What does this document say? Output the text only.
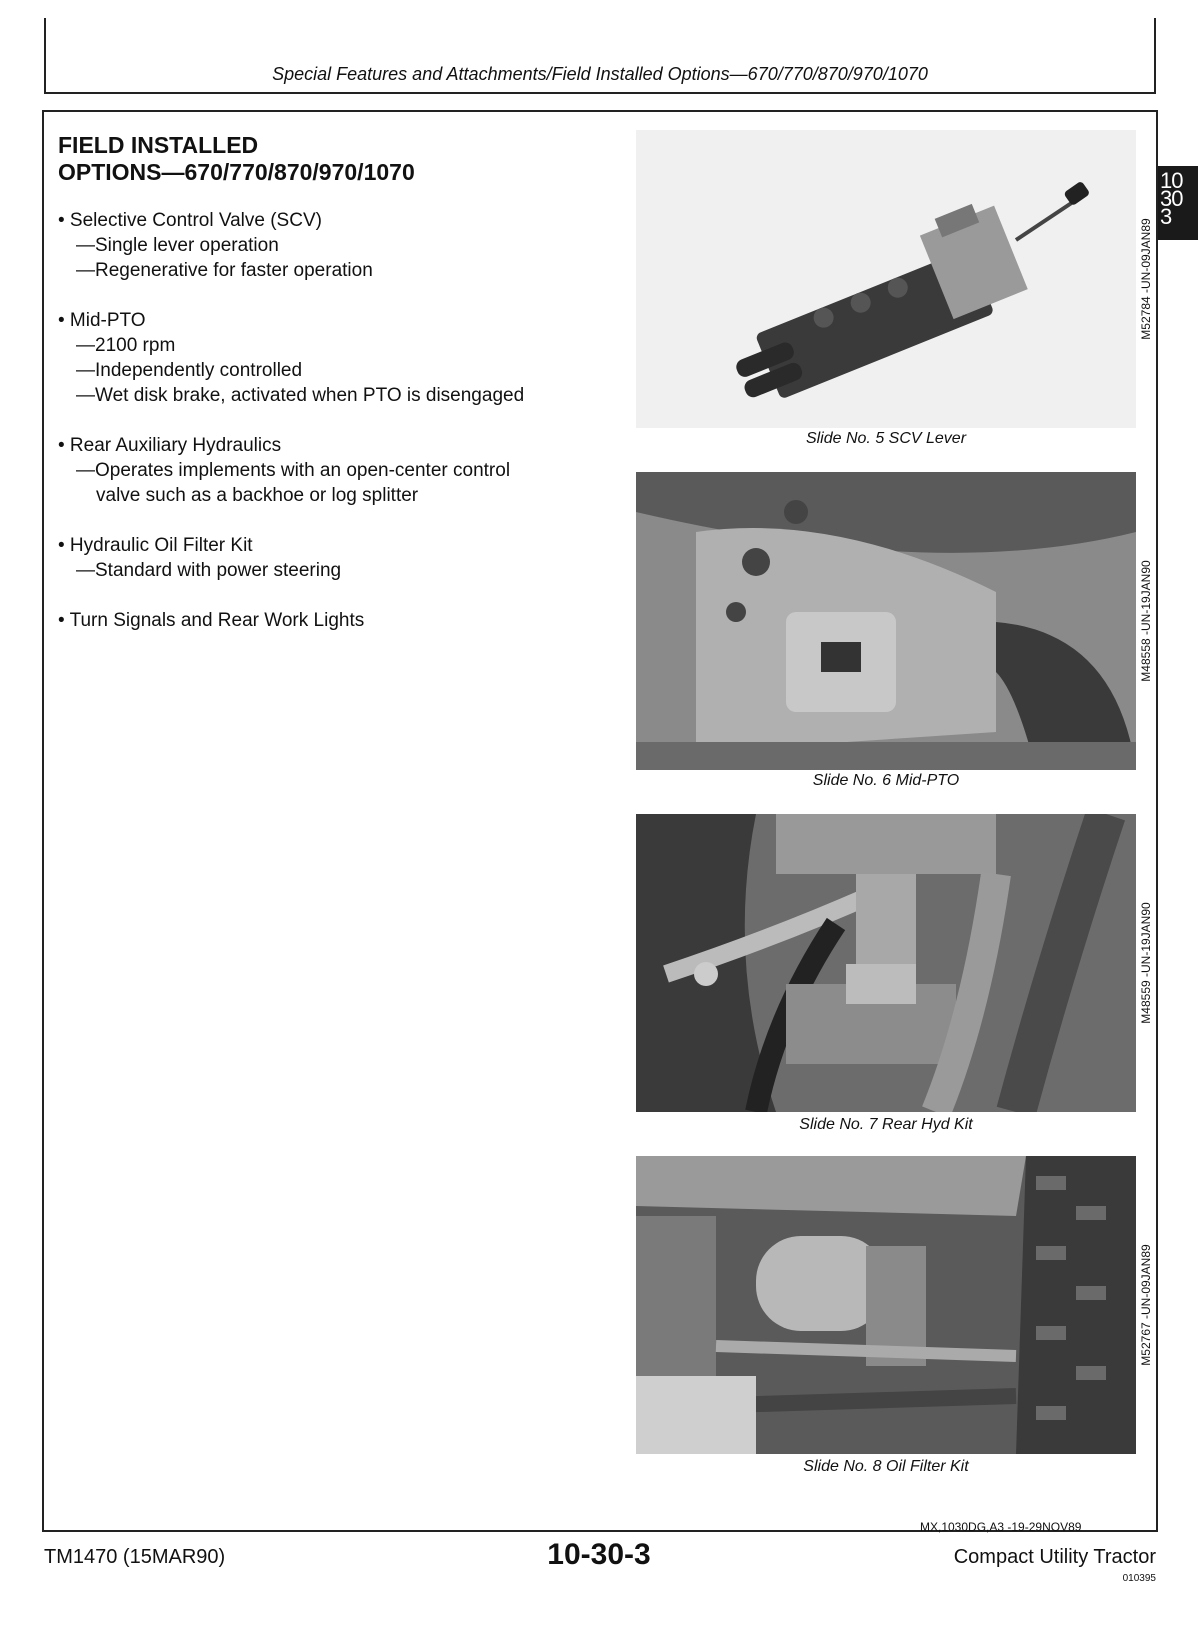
Special Features and Attachments/Field Installed Options—670/770/870/970/1070
10
30
3
FIELD INSTALLED
OPTIONS—670/770/870/970/1070
• Selective Control Valve (SCV)
—Single lever operation
—Regenerative for faster operation
• Mid-PTO
—2100 rpm
—Independently controlled
—Wet disk brake, activated when PTO is disengaged
• Rear Auxiliary Hydraulics
—Operates implements with an open-center control valve such as a backhoe or log splitter
• Hydraulic Oil Filter Kit
—Standard with power steering
• Turn Signals and Rear Work Lights
M52784 -UN-09JAN89
Slide No. 5 SCV Lever
M48558 -UN-19JAN90
Slide No. 6 Mid-PTO
M48559 -UN-19JAN90
Slide No. 7 Rear Hyd Kit
M52767 -UN-09JAN89
Slide No. 8 Oil Filter Kit
MX,1030DG,A3 -19-29NOV89
TM1470 (15MAR90)	10-30-3	Compact Utility Tractor
010395
